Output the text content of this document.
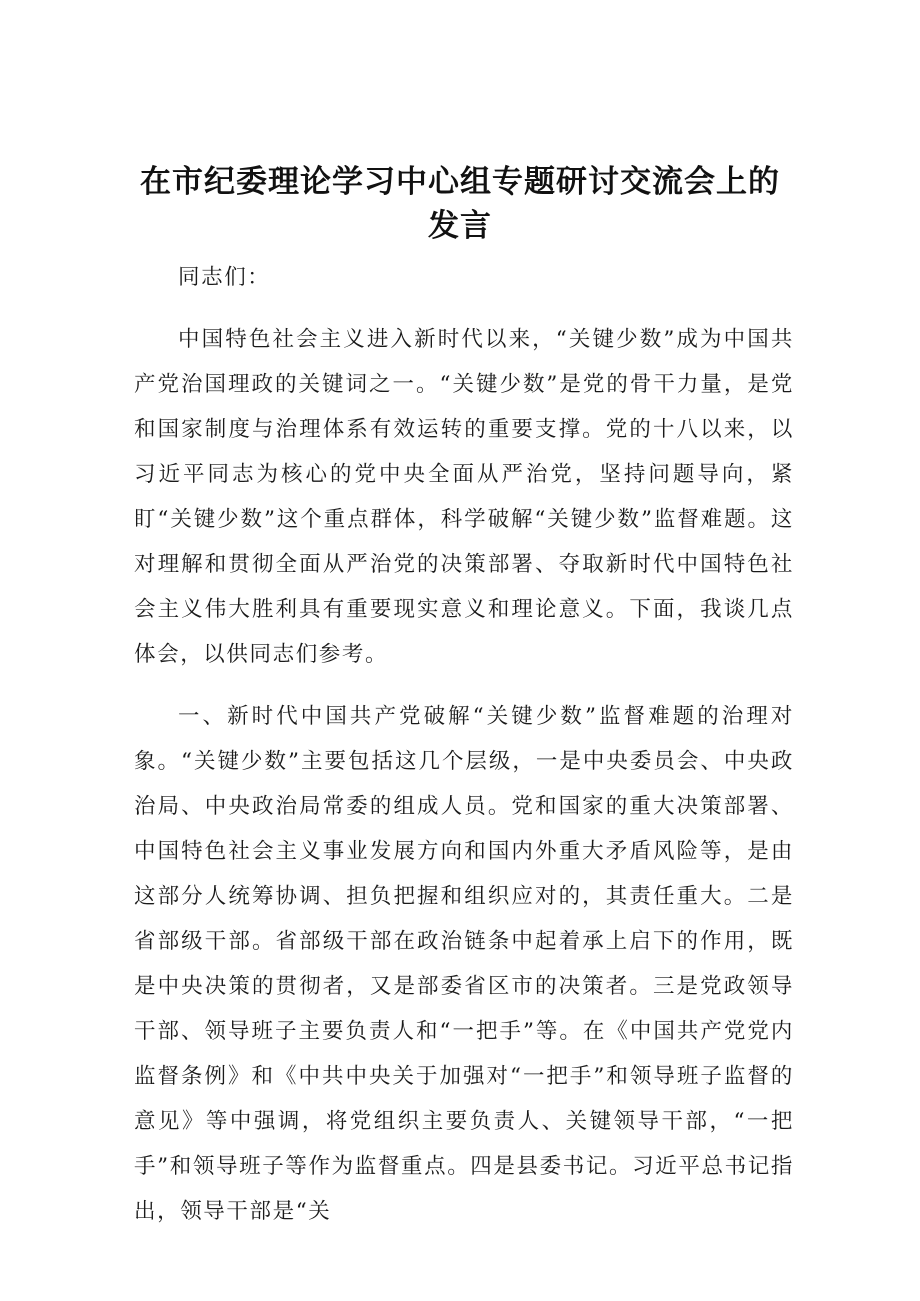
在市纪委理论学习中心组专题研讨交流会上的
发言

同志们：

中国特色社会主义进入新时代以来，“关键少数”成为中国共产党治国理政的关键词之一。“关键少数”是党的骨干力量，是党和国家制度与治理体系有效运转的重要支撑。党的十八以来，以习近平同志为核心的党中央全面从严治党，坚持问题导向，紧盯“关键少数”这个重点群体，科学破解“关键少数”监督难题。这对理解和贯彻全面从严治党的决策部署、夺取新时代中国特色社会主义伟大胜利具有重要现实意义和理论意义。下面，我谈几点体会，以供同志们参考。

一、新时代中国共产党破解“关键少数”监督难题的治理对象。“关键少数”主要包括这几个层级，一是中央委员会、中央政治局、中央政治局常委的组成人员。党和国家的重大决策部署、中国特色社会主义事业发展方向和国内外重大矛盾风险等，是由这部分人统筹协调、担负把握和组织应对的，其责任重大。二是省部级干部。省部级干部在政治链条中起着承上启下的作用，既是中央决策的贯彻者，又是部委省区市的决策者。三是党政领导干部、领导班子主要负责人和“一把手”等。在《中国共产党党内监督条例》和《中共中央关于加强对“一把手”和领导班子监督的意见》等中强调，将党组织主要负责人、关键领导干部，“一把手”和领导班子等作为监督重点。四是县委书记。习近平总书记指出，领导干部是“关
